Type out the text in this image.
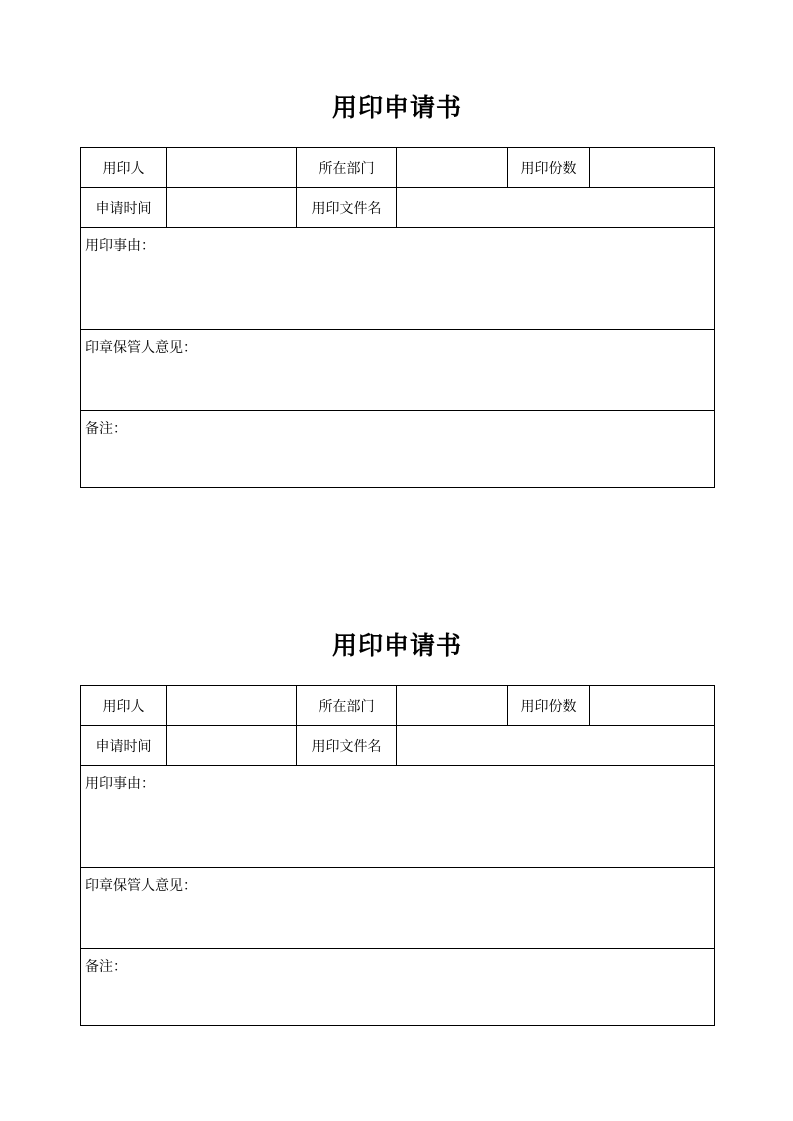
用印申请书
用印人		所在部门		用印份数	
申请时间		用印文件名			
用印事由：					
印章保管人意见：					
备注：					
用印申请书
用印人		所在部门		用印份数	
申请时间		用印文件名			
用印事由：					
印章保管人意见：					
备注：					
